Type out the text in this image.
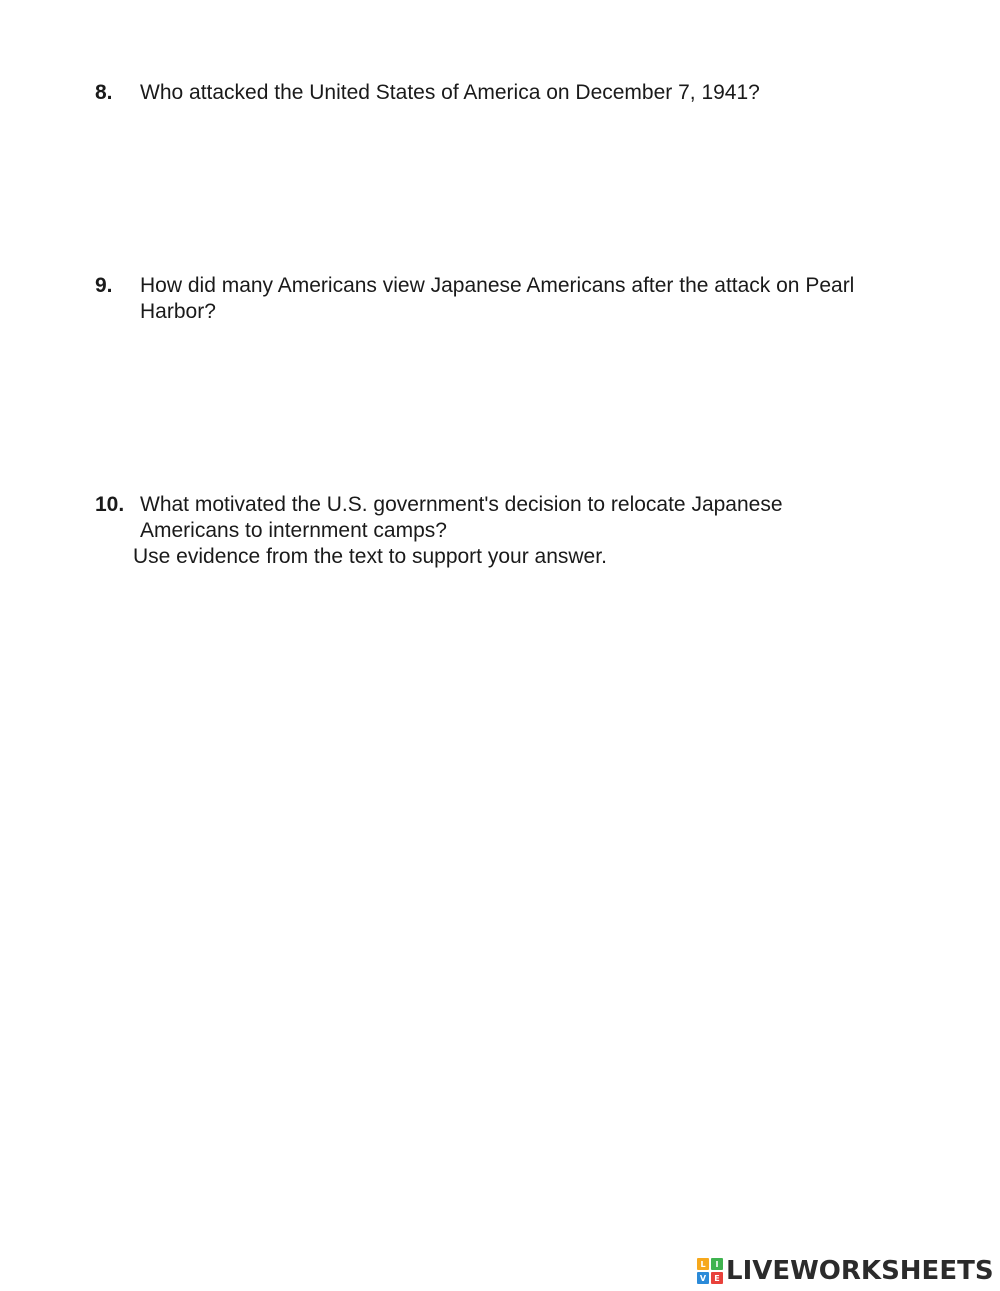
8.	Who attacked the United States of America on December 7, 1941?
9.	How did many Americans view Japanese Americans after the attack on Pearl
Harbor?
10. What motivated the U.S. government's decision to relocate Japanese
Americans to internment camps?
Use evidence from the text to support your answer.
L	I
V	E LIVEWORKSHEETS
